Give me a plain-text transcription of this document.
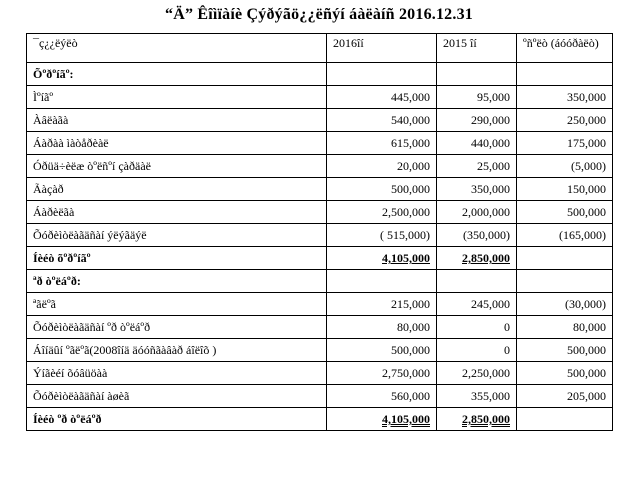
“Ä” Êîìïàíè Çýðýãö¿¿ëñýí áàëàíñ 2016.12.31
¯ç¿¿ëýëò	2016îí	2015 îí	ºñºëò (áóóðàëò)
Õºðºíãº:			
Ìºíãº	445,000	95,000	350,000
Àâëàãà	540,000	290,000	250,000
Áàðàà ìàòåðèàë	615,000	440,000	175,000
Óðüä÷èëæ òºëñºí çàðäàë	20,000	25,000	(5,000)
Ãàçàð	500,000	350,000	150,000
Áàðèëãà	2,500,000	2,000,000	500,000
Õóðèìòëàãäñàí ýëýãäýë	( 515,000)	(350,000)	(165,000)
Íèéò õºðºíãº	4,105,000	2,850,000	
ªð òºëáºð:			
ªãëºã	215,000	245,000	(30,000)
Õóðèìòëàãäñàí ºð òºëáºð	80,000	0	80,000
Áîíäûí ºãëºã(2008îíä äóóñãàâàð áîëîõ )	500,000	0	500,000
Ýíãèéí õóâüöàà	2,750,000	2,250,000	500,000
Õóðèìòëàãäñàí àøèã	560,000	355,000	205,000
Íèéò ºð òºëáºð	4,105,000	2,850,000	
